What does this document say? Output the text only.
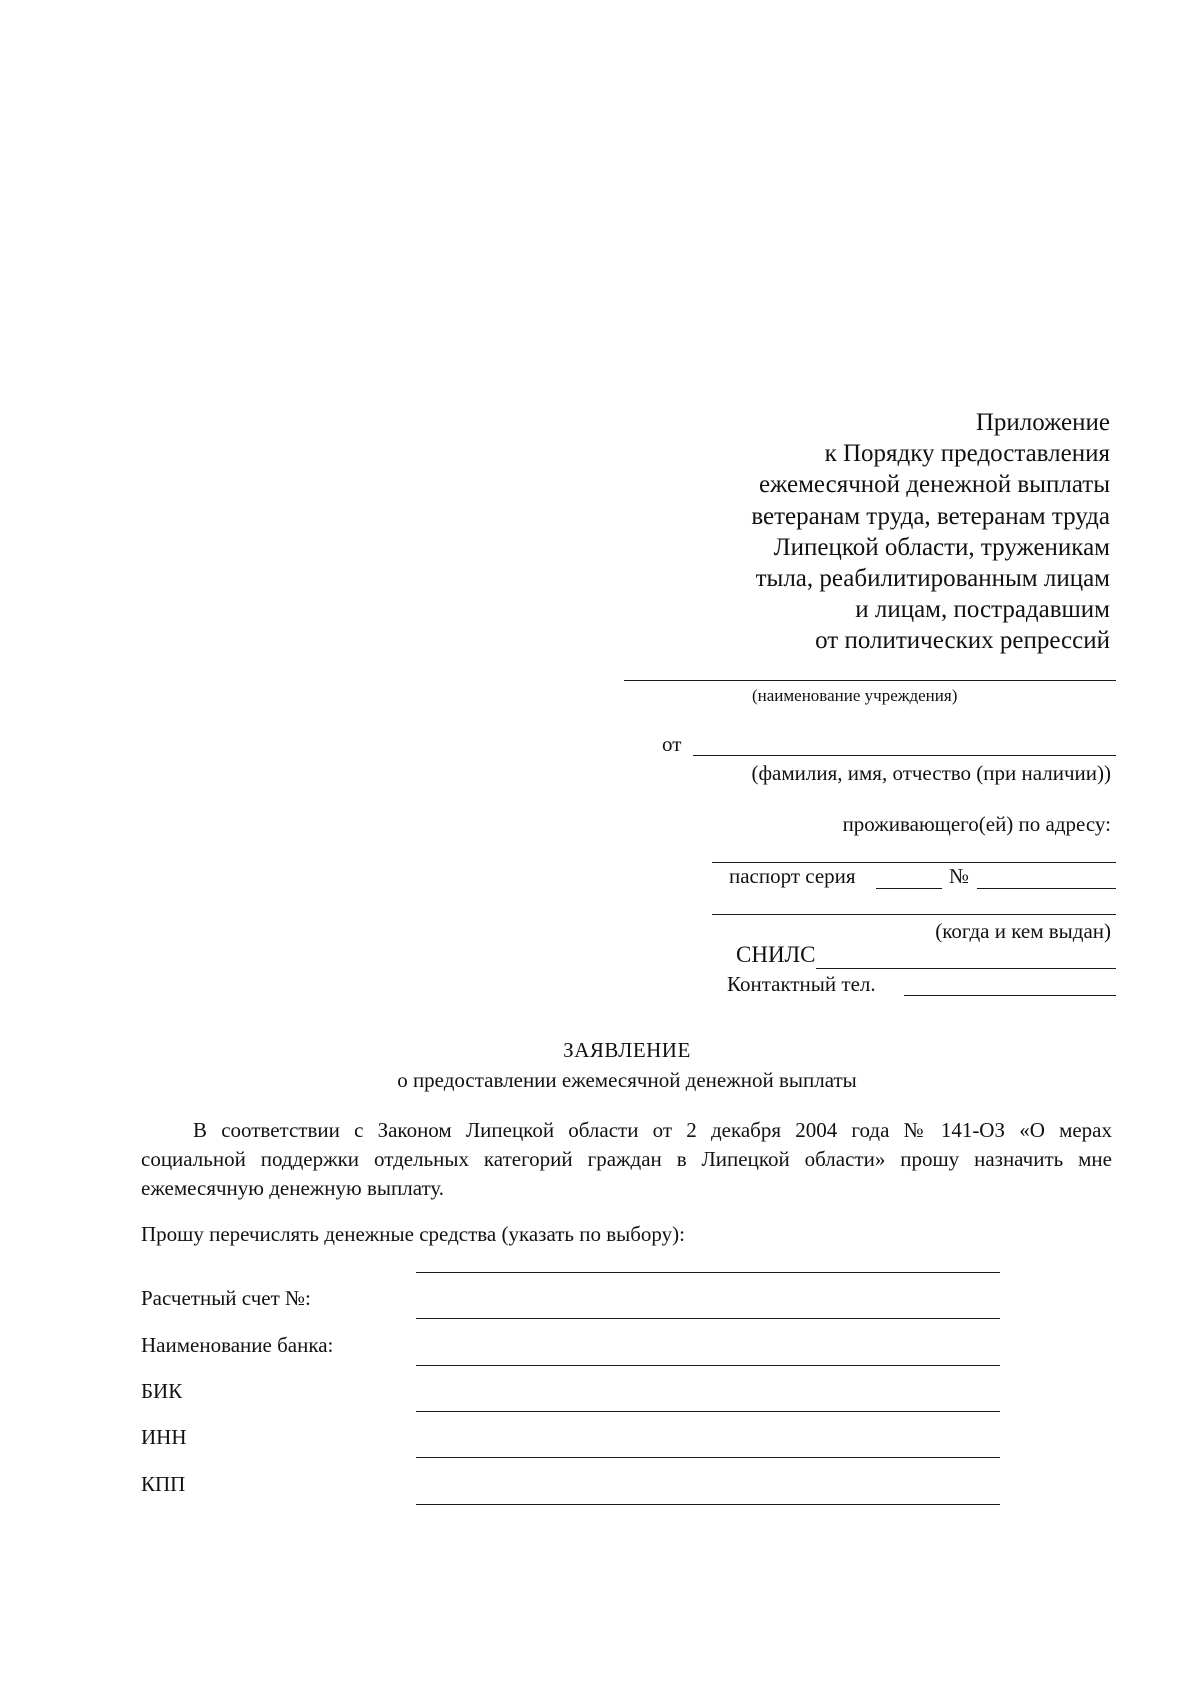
Приложение
к Порядку предоставления
ежемесячной денежной выплаты
ветеранам труда, ветеранам труда
Липецкой области, труженикам
тыла, реабилитированным лицам
и лицам, пострадавшим
от политических репрессий
(наименование учреждения)
от
(фамилия, имя, отчество (при наличии))
проживающего(ей) по адресу:
паспорт серия	№
(когда и кем выдан)
СНИЛС
Контактный тел.
ЗАЯВЛЕНИЕ
о предоставлении ежемесячной денежной выплаты
В соответствии с Законом Липецкой области от 2 декабря 2004 года № 141-ОЗ «О мерах
социальной поддержки отдельных категорий граждан в Липецкой области» прошу назначить мне
ежемесячную денежную выплату.
Прошу перечислять денежные средства (указать по выбору):
Расчетный счет №:
Наименование банка:
БИК
ИНН
КПП
